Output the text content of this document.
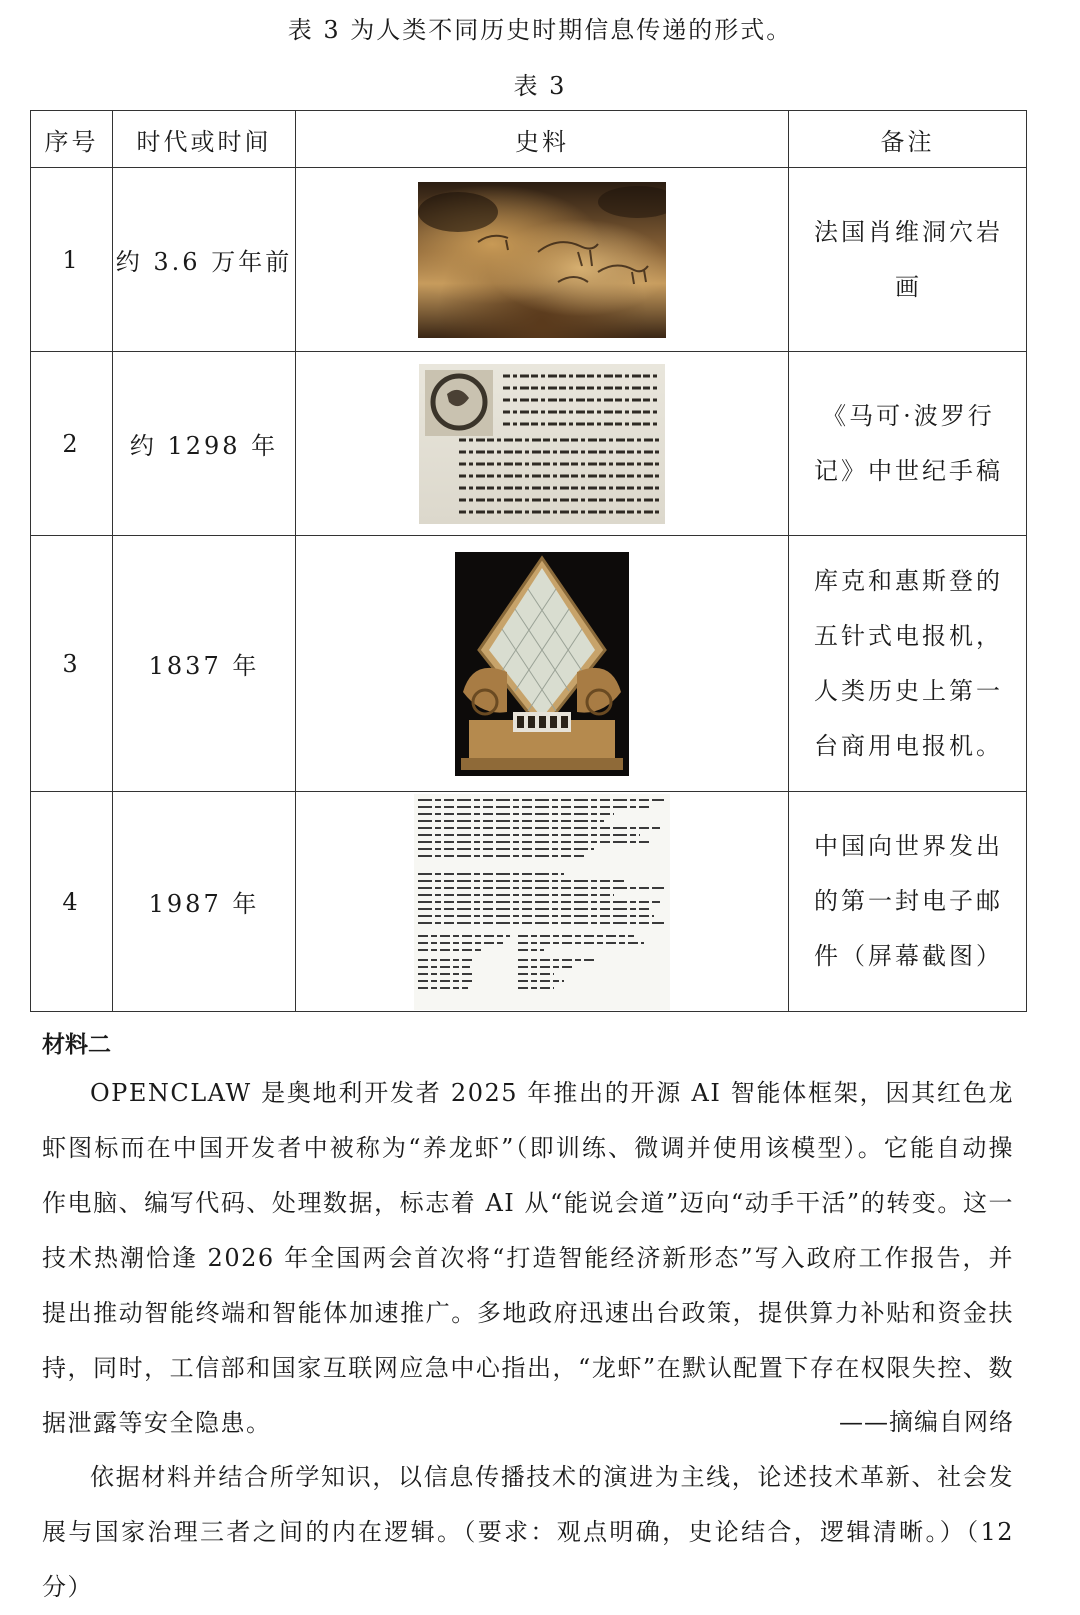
表 3 为人类不同历史时期信息传递的形式。
表 3
序号	时代或时间	史料	备注
1	约 3.6 万年前		法国肖维洞穴岩画
2	约 1298 年		《马可·波罗行记》中世纪手稿
3	1837 年		库克和惠斯登的五针式电报机，人类历史上第一台商用电报机。
4	1987 年		中国向世界发出的第一封电子邮件（屏幕截图）
材料二
OPENCLAW 是奥地利开发者 2025 年推出的开源 AI 智能体框架，因其红色龙虾图标而在中国开发者中被称为“养龙虾”（即训练、微调并使用该模型）。它能自动操作电脑、编写代码、处理数据，标志着 AI 从“能说会道”迈向“动手干活”的转变。这一技术热潮恰逢 2026 年全国两会首次将“打造智能经济新形态”写入政府工作报告，并提出推动智能终端和智能体加速推广。多地政府迅速出台政策，提供算力补贴和资金扶持，同时，工信部和国家互联网应急中心指出，“龙虾”在默认配置下存在权限失控、数据泄露等安全隐患。	——摘编自网络
依据材料并结合所学知识，以信息传播技术的演进为主线，论述技术革新、社会发展与国家治理三者之间的内在逻辑。（要求：观点明确，史论结合，逻辑清晰。）（12 分）
